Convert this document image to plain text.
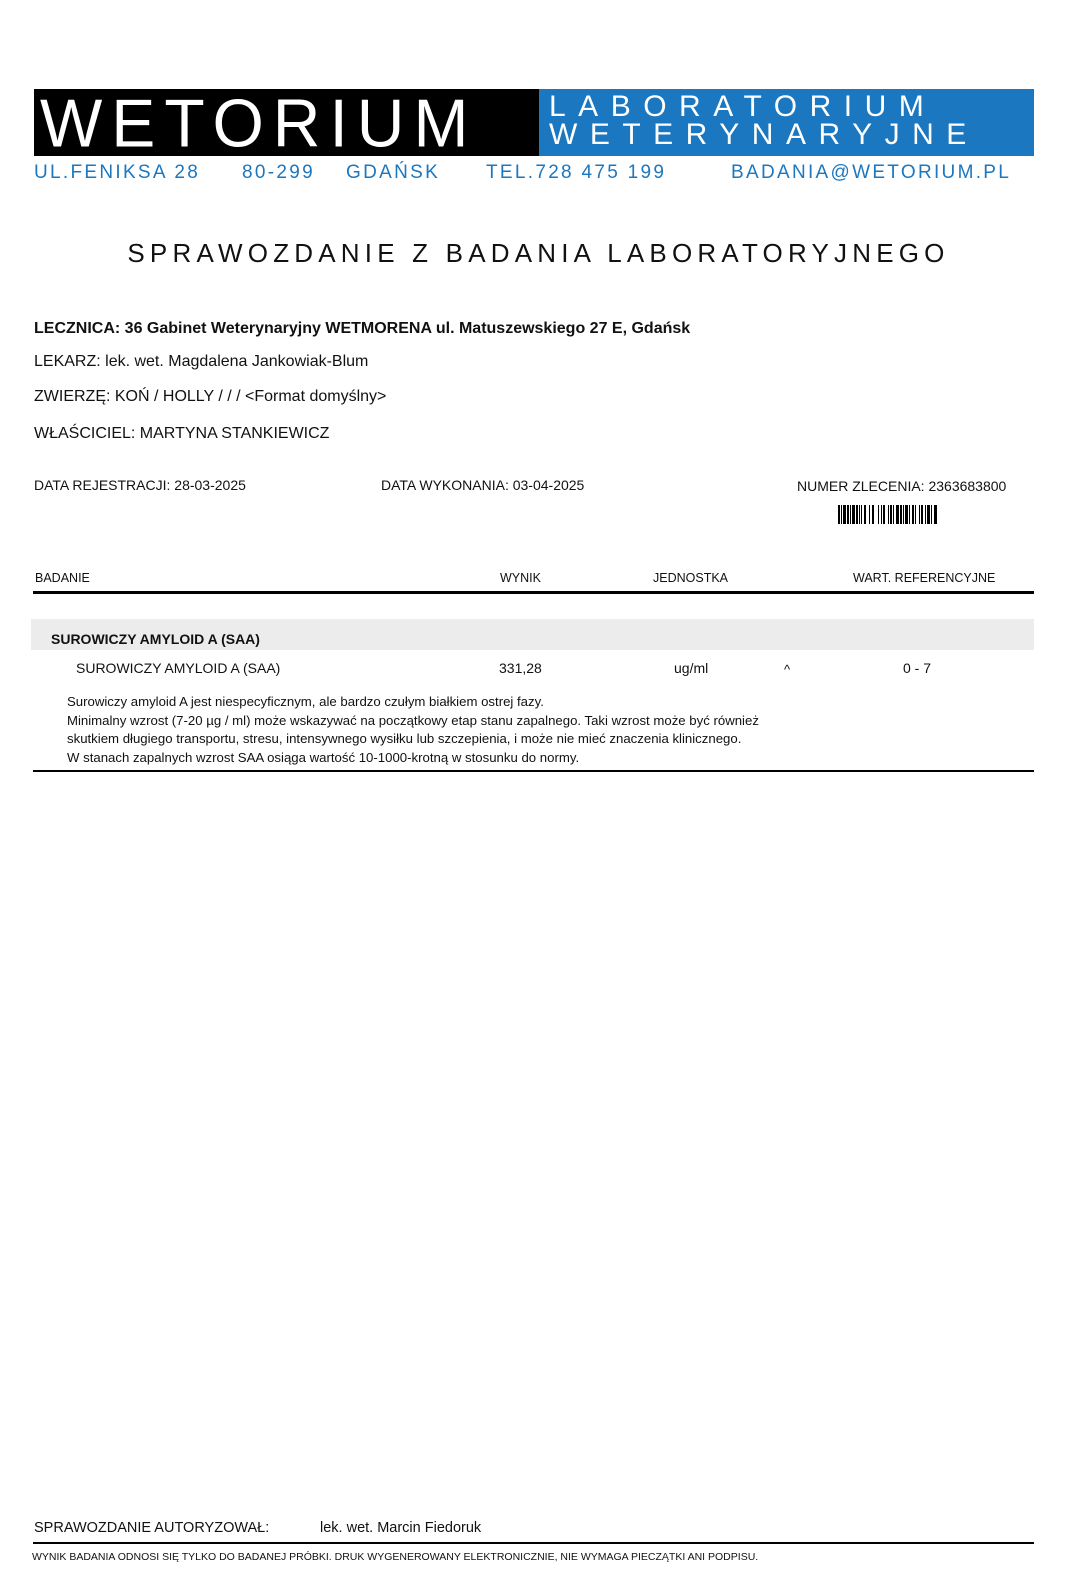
WETORIUM LABORATORIUM
WETERYNARYJNE
UL.FENIKSA 28 80-299 GDAŃSK TEL.728 475 199	BADANIA@WETORIUM.PL
SPRAWOZDANIE Z BADANIA LABORATORYJNEGO
LECZNICA: 36 Gabinet Weterynaryjny WETMORENA ul. Matuszewskiego 27 E, Gdańsk
LEKARZ: lek. wet. Magdalena Jankowiak-Blum
ZWIERZĘ: KOŃ / HOLLY / / / <Format domyślny>
WŁAŚCICIEL: MARTYNA STANKIEWICZ
DATA REJESTRACJI: 28-03-2025	DATA WYKONANIA: 03-04-2025	NUMER ZLECENIA: 2363683800
BADANIE	WYNIK	JEDNOSTKA	WART. REFERENCYJNE
SUROWICZY AMYLOID A (SAA)
SUROWICZY AMYLOID A (SAA)	331,28	ug/ml	^	0 - 7
Surowiczy amyloid A jest niespecyficznym, ale bardzo czułym białkiem ostrej fazy.
Minimalny wzrost (7-20 µg / ml) może wskazywać na początkowy etap stanu zapalnego. Taki wzrost może być również
skutkiem długiego transportu, stresu, intensywnego wysiłku lub szczepienia, i może nie mieć znaczenia klinicznego.
W stanach zapalnych wzrost SAA osiąga wartość 10-1000-krotną w stosunku do normy.
SPRAWOZDANIE AUTORYZOWAŁ:	lek. wet. Marcin Fiedoruk
WYNIK BADANIA ODNOSI SIĘ TYLKO DO BADANEJ PRÓBKI. DRUK WYGENEROWANY ELEKTRONICZNIE, NIE WYMAGA PIECZĄTKI ANI PODPISU.
